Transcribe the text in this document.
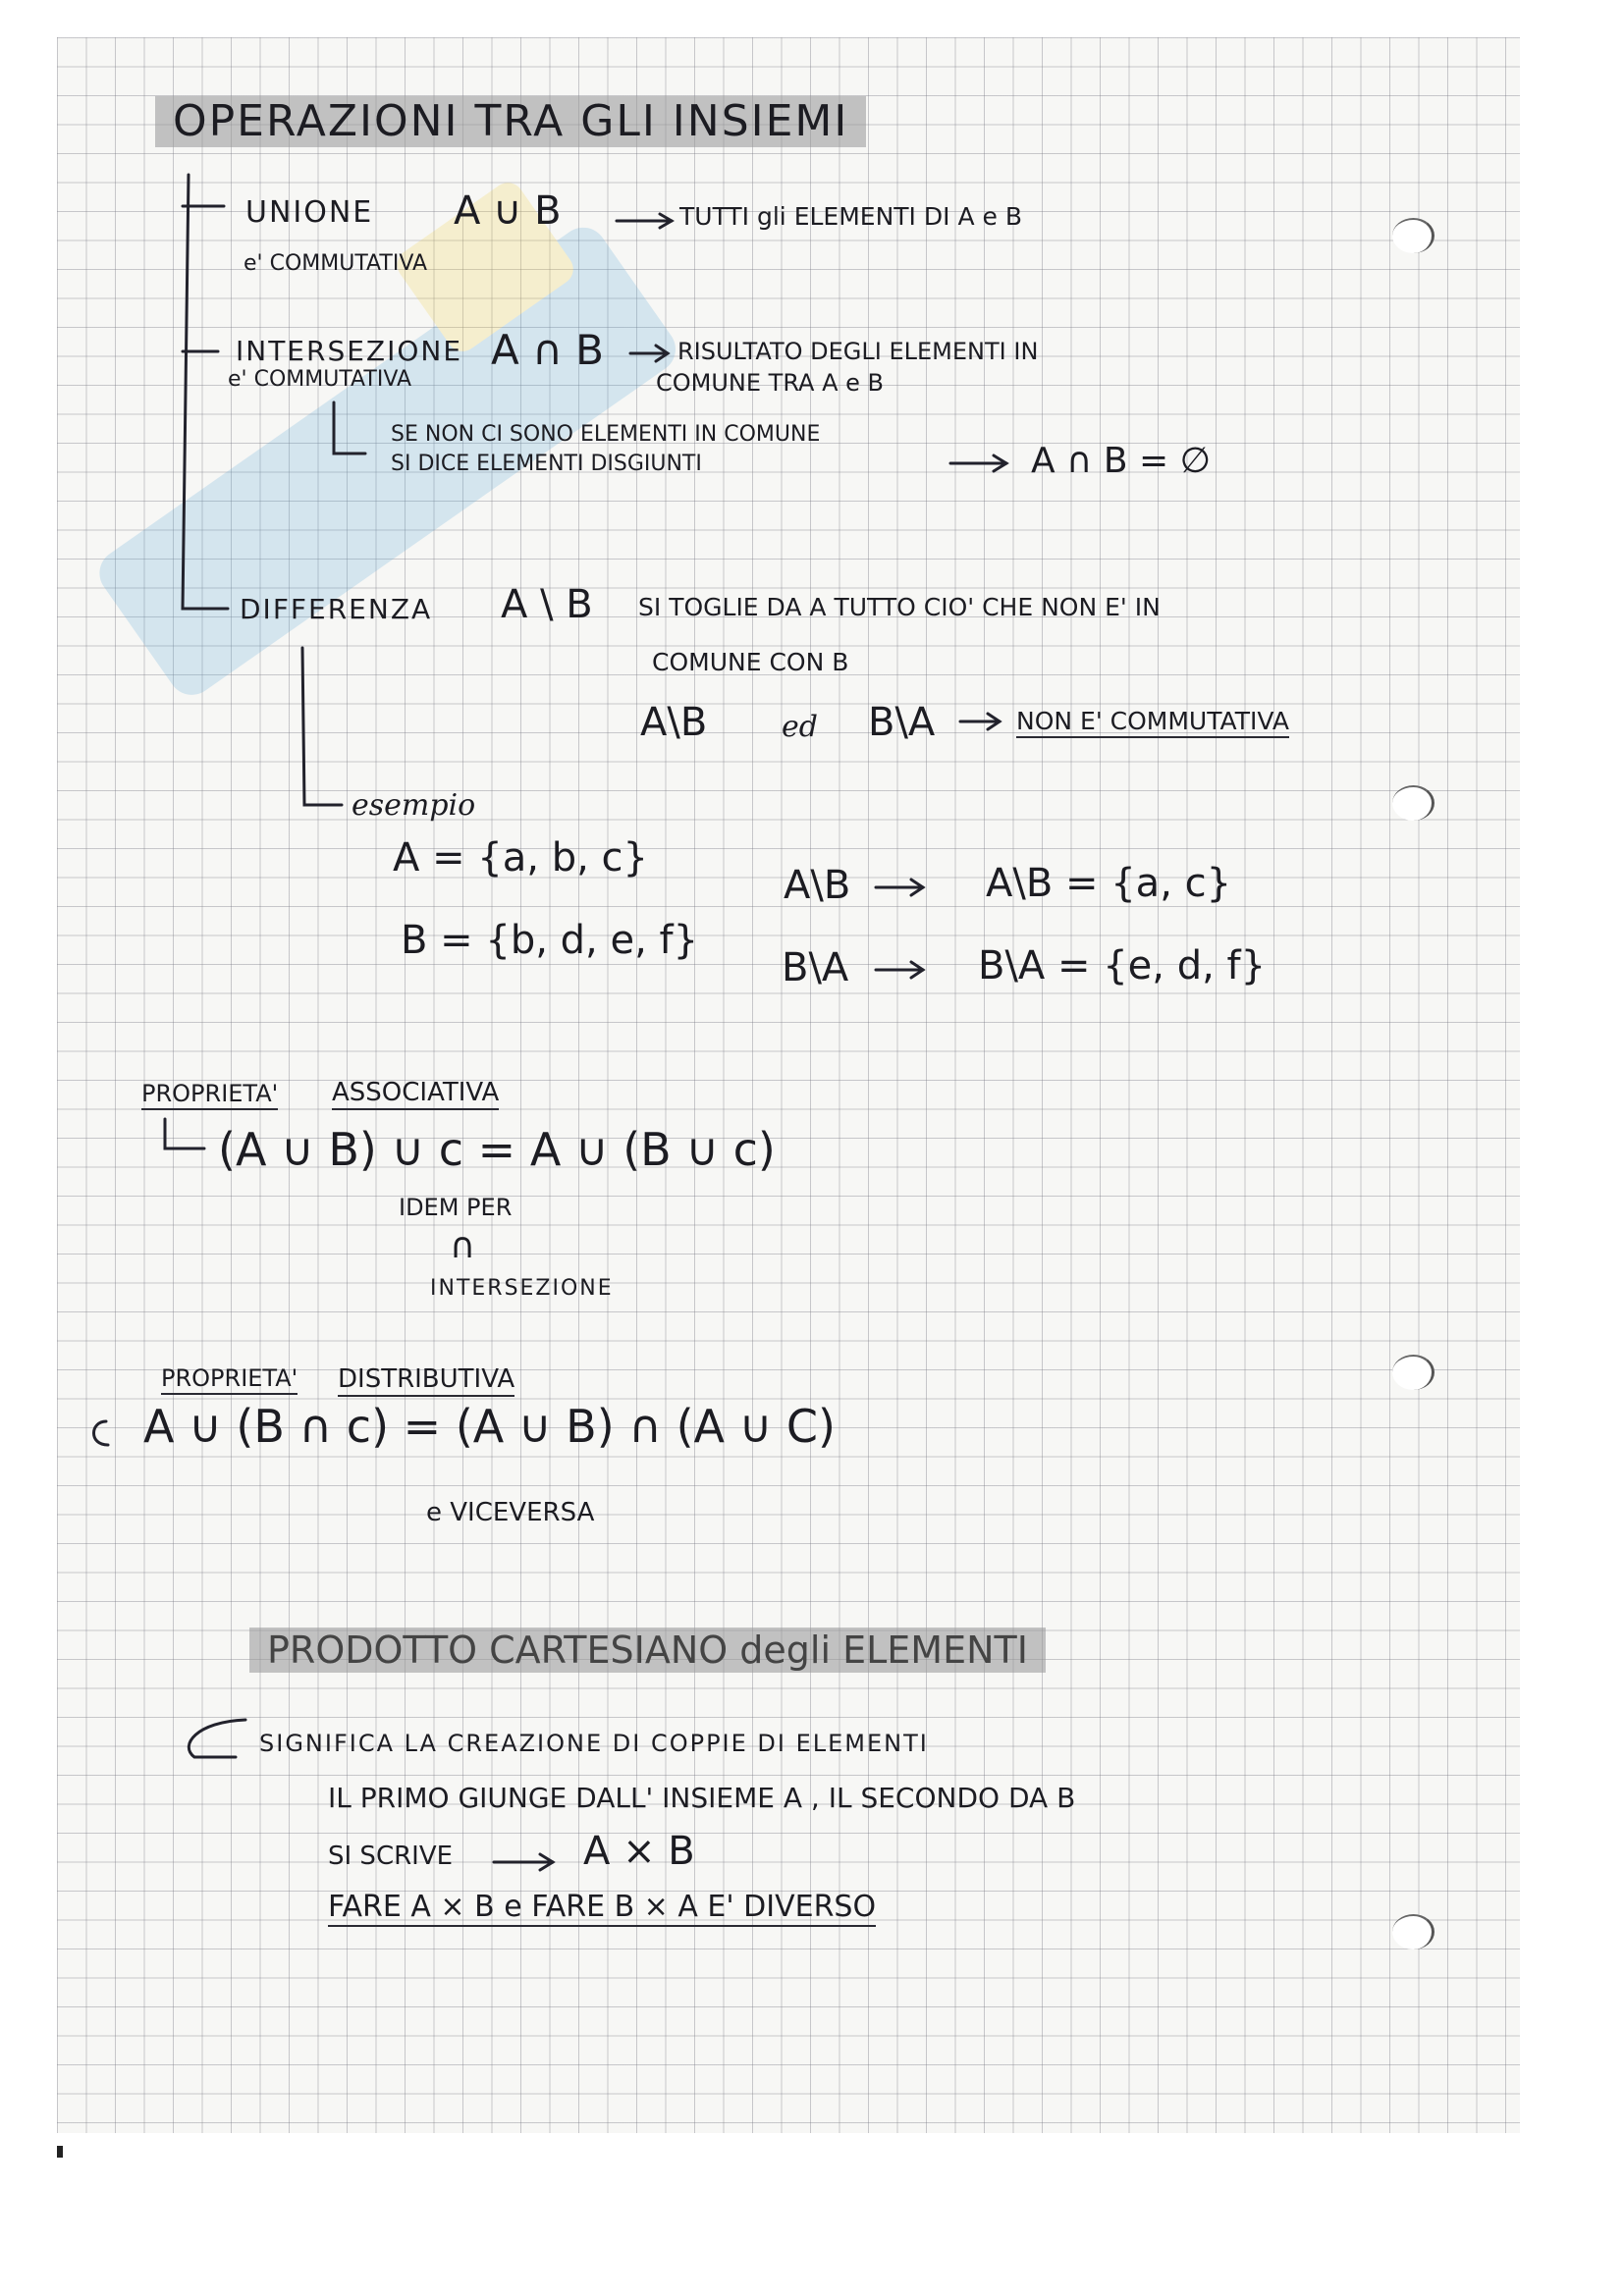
OPERAZIONI TRA GLI INSIEMI
UNIONE A ∪ B	TUTTI gli ELEMENTI DI A e B
e' COMMUTATIVA
INTERSEZIONE
e' COMMUTATIVA
A ∩ B	RISULTATO DEGLI ELEMENTI IN
COMUNE TRA A e B
SE NON CI SONO ELEMENTI IN COMUNE
SI DICE ELEMENTI DISGIUNTI	A ∩ B = ∅
DIFFERENZA A \ B SI TOGLIE DA A TUTTO CIO' CHE NON E' IN
COMUNE CON B
A\B	ed B\A	NON E' COMMUTATIVA
esempio
A = {a, b, c}
B = {b, d, e, f}
A\B	A\B = {a, c}
B\A	B\A = {e, d, f}
PROPRIETA' ASSOCIATIVA
(A ∪ B) ∪ c = A ∪ (B ∪ c)
IDEM PER
∩
INTERSEZIONE
PROPRIETA' DISTRIBUTIVA
A ∪ (B ∩ c) = (A ∪ B) ∩ (A ∪ C)
e VICEVERSA
PRODOTTO CARTESIANO degli ELEMENTI
SIGNIFICA LA CREAZIONE DI COPPIE DI ELEMENTI
IL PRIMO GIUNGE DALL' INSIEME A , IL SECONDO DA B
SI SCRIVE	A × B
FARE A × B e FARE B × A E' DIVERSO
